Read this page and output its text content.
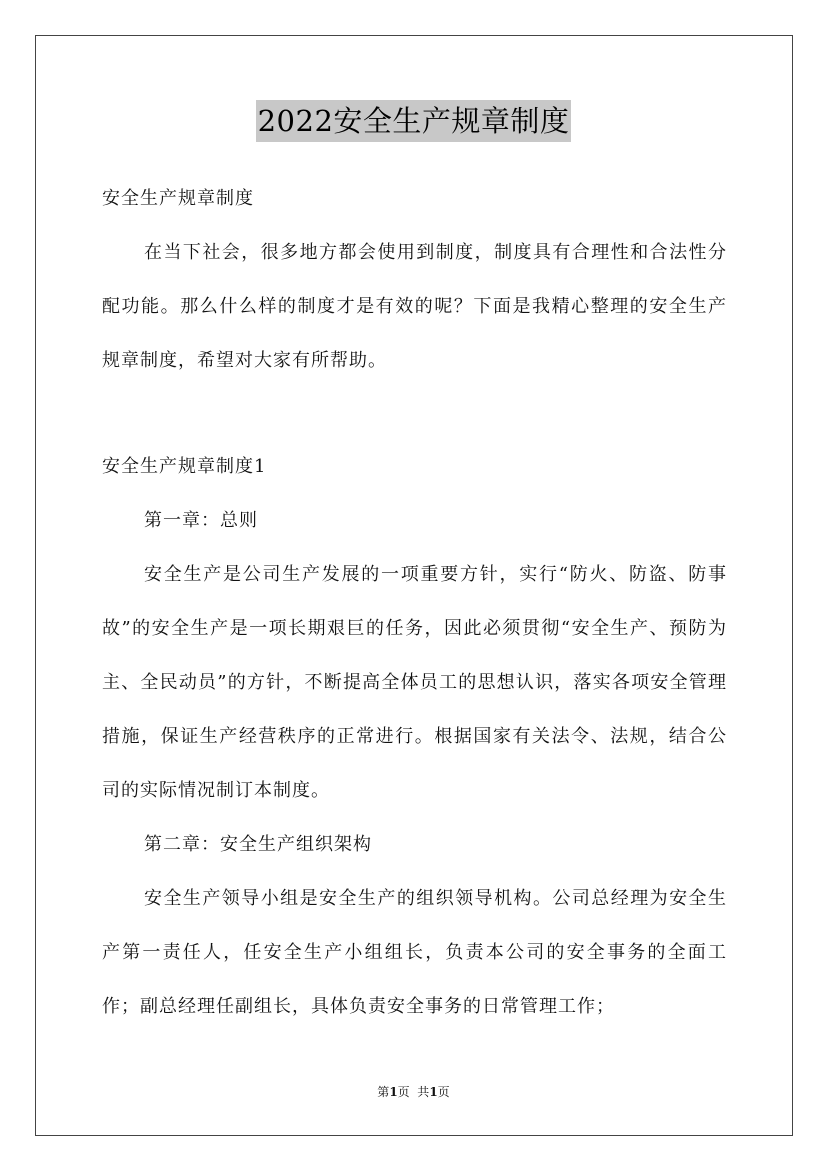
2022安全生产规章制度

安全生产规章制度

在当下社会，很多地方都会使用到制度，制度具有合理性和合法性分配功能。那么什么样的制度才是有效的呢？下面是我精心整理的安全生产规章制度，希望对大家有所帮助。

安全生产规章制度1

第一章：总则

安全生产是公司生产发展的一项重要方针，实行“防火、防盗、防事故”的安全生产是一项长期艰巨的任务，因此必须贯彻“安全生产、预防为主、全民动员”的方针，不断提高全体员工的思想认识，落实各项安全管理措施，保证生产经营秩序的正常进行。根据国家有关法令、法规，结合公司的实际情况制订本制度。

第二章：安全生产组织架构

安全生产领导小组是安全生产的组织领导机构。公司总经理为安全生产第一责任人，任安全生产小组组长，负责本公司的安全事务的全面工作；副总经理任副组长，具体负责安全事务的日常管理工作；

第1页  共1页
